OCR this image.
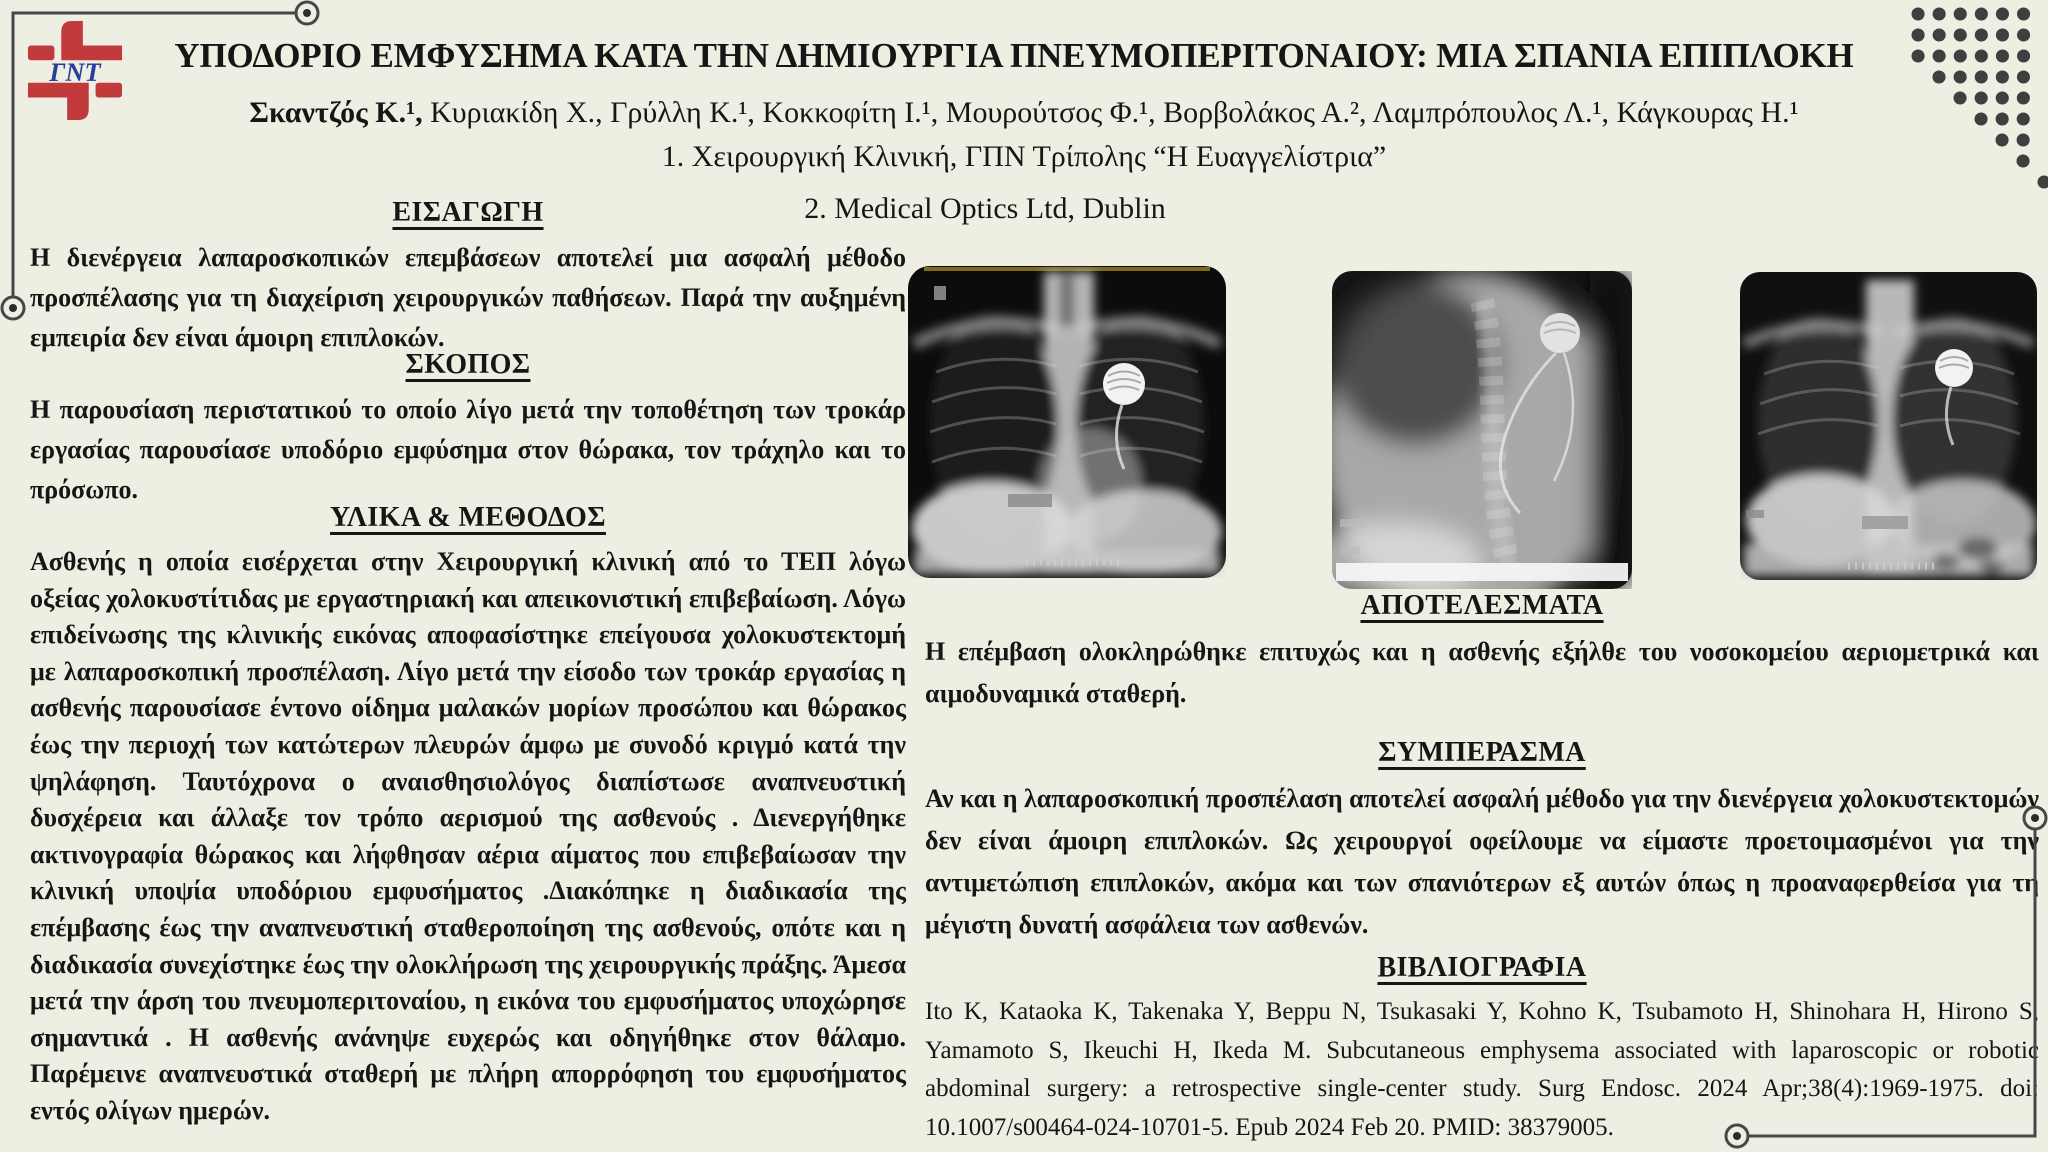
ΓΝΤ	ΥΠΟΔΟΡΙΟ ΕΜΦΥΣΗΜΑ ΚΑΤΑ ΤΗΝ ΔΗΜΙΟΥΡΓΙΑ ΠΝΕΥΜΟΠΕΡΙΤΟΝΑΙΟΥ: ΜΙΑ ΣΠΑΝΙΑ ΕΠΙΠΛΟΚΗ
Σκαντζός Κ.¹, Κυριακίδη Χ., Γρύλλη Κ.¹, Κοκκοφίτη Ι.¹, Μουρούτσος Φ.¹, Βορβολάκος Α.², Λαμπρόπουλος Λ.¹, Κάγκουρας Η.¹
1. Χειρουργική Κλινική, ΓΠΝ Τρίπολης “Η Ευαγγελίστρια”
2. Medical Optics Ltd, Dublin
ΕΙΣΑΓΩΓΗ
Η διενέργεια λαπαροσκοπικών επεμβάσεων αποτελεί μια ασφαλή μέθοδο προσπέλασης για τη διαχείριση χειρουργικών παθήσεων. Παρά την αυξημένη εμπειρία δεν είναι άμοιρη επιπλοκών.
ΣΚΟΠΟΣ
Η παρουσίαση περιστατικού το οποίο λίγο μετά την τοποθέτηση των τροκάρ εργασίας παρουσίασε υποδόριο εμφύσημα στον θώρακα, τον τράχηλο και το πρόσωπο.
ΥΛΙΚΑ & ΜΕΘΟΔΟΣ
Ασθενής η οποία εισέρχεται στην Χειρουργική κλινική από το ΤΕΠ λόγω οξείας χολοκυστίτιδας με εργαστηριακή και απεικονιστική επιβεβαίωση. Λόγω επιδείνωσης της κλινικής εικόνας αποφασίστηκε επείγουσα χολοκυστεκτομή με λαπαροσκοπική προσπέλαση. Λίγο μετά την είσοδο των τροκάρ εργασίας η ασθενής παρουσίασε έντονο οίδημα μαλακών μορίων προσώπου και θώρακος έως την περιοχή των κατώτερων πλευρών άμφω με συνοδό κριγμό κατά την ψηλάφηση. Ταυτόχρονα ο αναισθησιολόγος διαπίστωσε αναπνευστική δυσχέρεια και άλλαξε τον τρόπο αερισμού της ασθενούς . Διενεργήθηκε ακτινογραφία θώρακος και λήφθησαν αέρια αίματος που επιβεβαίωσαν την κλινική υποψία υποδόριου εμφυσήματος .Διακόπηκε η διαδικασία της επέμβασης έως την αναπνευστική σταθεροποίηση της ασθενούς, οπότε και η διαδικασία συνεχίστηκε έως την ολοκλήρωση της χειρουργικής πράξης. Άμεσα μετά την άρση του πνευμοπεριτοναίου, η εικόνα του εμφυσήματος υποχώρησε σημαντικά . Η ασθενής ανάνηψε ευχερώς και οδηγήθηκε στον θάλαμο. Παρέμεινε αναπνευστικά σταθερή με πλήρη απορρόφηση του εμφυσήματος εντός ολίγων ημερών.
ΑΠΟΤΕΛΕΣΜΑΤΑ
Η επέμβαση ολοκληρώθηκε επιτυχώς και η ασθενής εξήλθε του νοσοκομείου αεριομετρικά και αιμοδυναμικά σταθερή.
ΣΥΜΠΕΡΑΣΜΑ
Αν και η λαπαροσκοπική προσπέλαση αποτελεί ασφαλή μέθοδο για την διενέργεια χολοκυστεκτομών δεν είναι άμοιρη επιπλοκών. Ως χειρουργοί οφείλουμε να είμαστε προετοιμασμένοι για την αντιμετώπιση επιπλοκών, ακόμα και των σπανιότερων εξ αυτών όπως η προαναφερθείσα για τη μέγιστη δυνατή ασφάλεια των ασθενών.
ΒΙΒΛΙΟΓΡΑΦΙΑ
Ito K, Kataoka K, Takenaka Y, Beppu N, Tsukasaki Y, Kohno K, Tsubamoto H, Shinohara H, Hirono S, Yamamoto S, Ikeuchi H, Ikeda M. Subcutaneous emphysema associated with laparoscopic or robotic abdominal surgery: a retrospective single-center study. Surg Endosc. 2024 Apr;38(4):1969-1975. doi: 10.1007/s00464-024-10701-5. Epub 2024 Feb 20. PMID: 38379005.
